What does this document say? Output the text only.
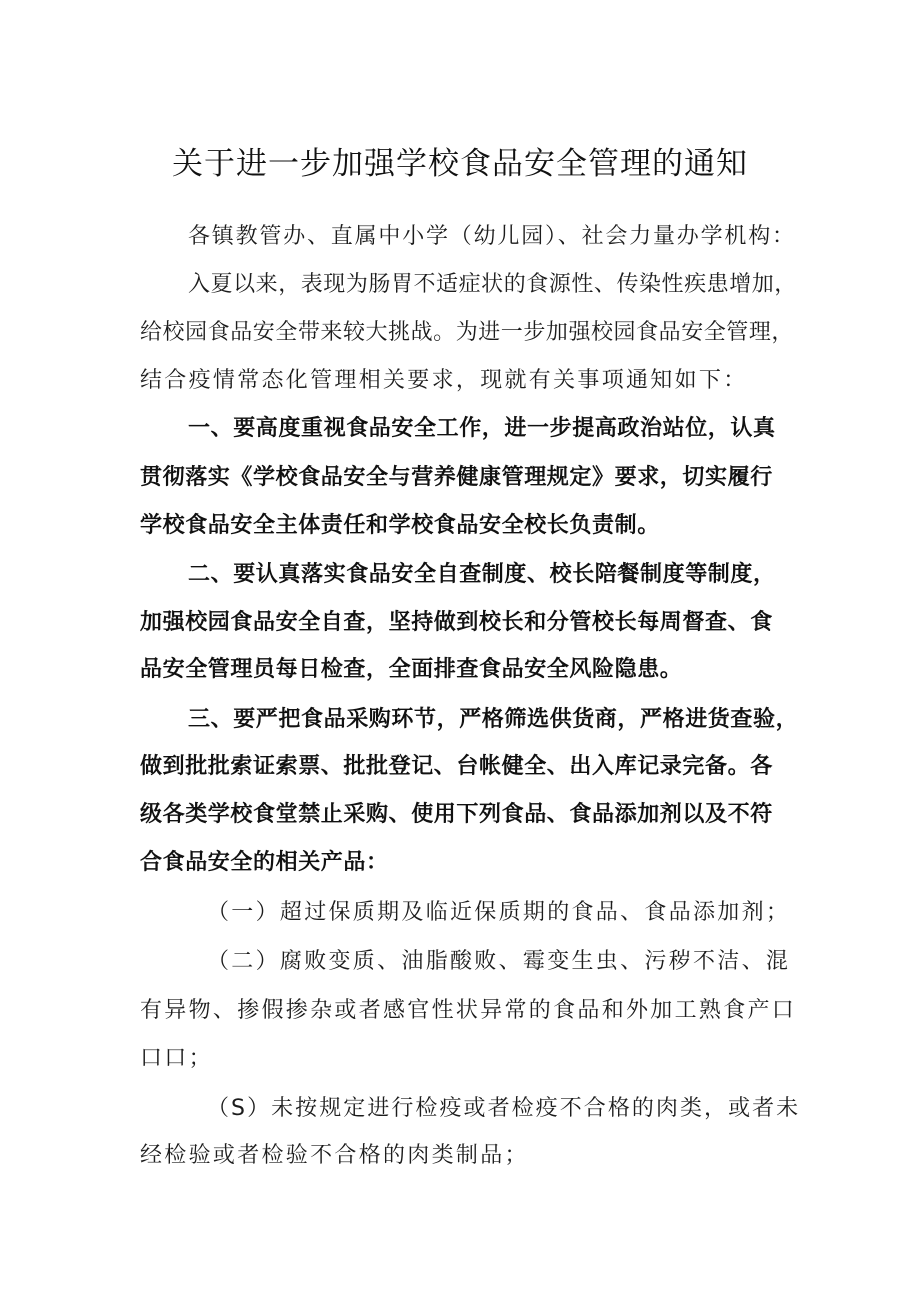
关于进一步加强学校食品安全管理的通知

各镇教管办、直属中小学（幼儿园）、社会力量办学机构：

入夏以来，表现为肠胃不适症状的食源性、传染性疾患增加，

给校园食品安全带来较大挑战。为进一步加强校园食品安全管理，

结合疫情常态化管理相关要求，现就有关事项通知如下：

一、要高度重视食品安全工作，进一步提高政治站位，认真

贯彻落实《学校食品安全与营养健康管理规定》要求，切实履行

学校食品安全主体责任和学校食品安全校长负责制。

二、要认真落实食品安全自查制度、校长陪餐制度等制度，

加强校园食品安全自查，坚持做到校长和分管校长每周督查、食

品安全管理员每日检查，全面排查食品安全风险隐患。

三、要严把食品采购环节，严格筛选供货商，严格进货查验，

做到批批索证索票、批批登记、台帐健全、出入库记录完备。各

级各类学校食堂禁止采购、使用下列食品、食品添加剂以及不符

合食品安全的相关产品：

（一）超过保质期及临近保质期的食品、食品添加剂；

（二）腐败变质、油脂酸败、霉变生虫、污秽不洁、混

有异物、掺假掺杂或者感官性状异常的食品和外加工熟食产口

口口；

（S）未按规定进行检疫或者检疫不合格的肉类，或者未

经检验或者检验不合格的肉类制品；
